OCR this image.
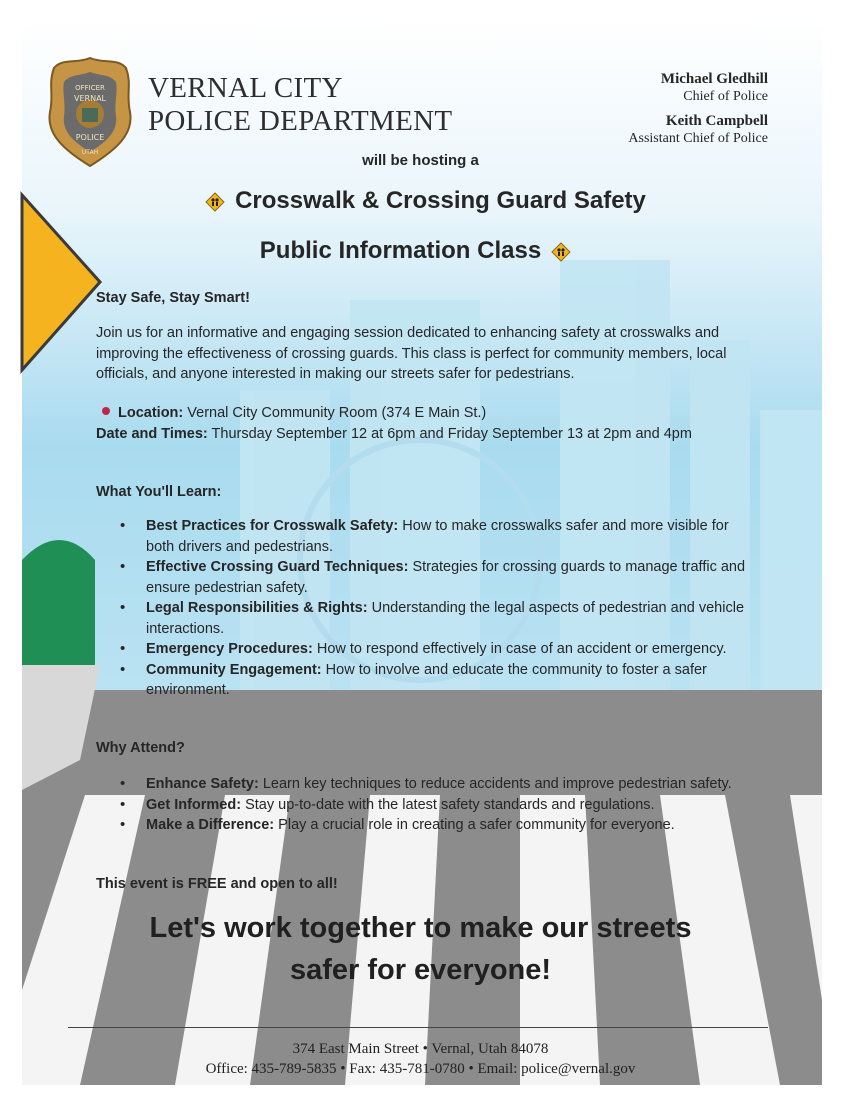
OFFICER
VERNAL
POLICE
UTAH
VERNAL CITY
POLICE DEPARTMENT
Michael Gledhill
Chief of Police
Keith Campbell
Assistant Chief of Police
will be hosting a
Crosswalk & Crossing Guard Safety
Public Information Class
Stay Safe, Stay Smart!
Join us for an informative and engaging session dedicated to enhancing safety at crosswalks and improving the effectiveness of crossing guards. This class is perfect for community members, local officials, and anyone interested in making our streets safer for pedestrians.
Location: Vernal City Community Room (374 E Main St.)
Date and Times: Thursday September 12 at 6pm and Friday September 13 at 2pm and 4pm
What You'll Learn:
• Best Practices for Crosswalk Safety: How to make crosswalks safer and more visible for both drivers and pedestrians.
• Effective Crossing Guard Techniques: Strategies for crossing guards to manage traffic and ensure pedestrian safety.
• Legal Responsibilities & Rights: Understanding the legal aspects of pedestrian and vehicle interactions.
• Emergency Procedures: How to respond effectively in case of an accident or emergency.
• Community Engagement: How to involve and educate the community to foster a safer environment.
Why Attend?
• Enhance Safety: Learn key techniques to reduce accidents and improve pedestrian safety.
• Get Informed: Stay up-to-date with the latest safety standards and regulations.
• Make a Difference: Play a crucial role in creating a safer community for everyone.
This event is FREE and open to all!
Let's work together to make our streets
safer for everyone!
374 East Main Street • Vernal, Utah 84078
Office: 435-789-5835 • Fax: 435-781-0780 • Email: police@vernal.gov
